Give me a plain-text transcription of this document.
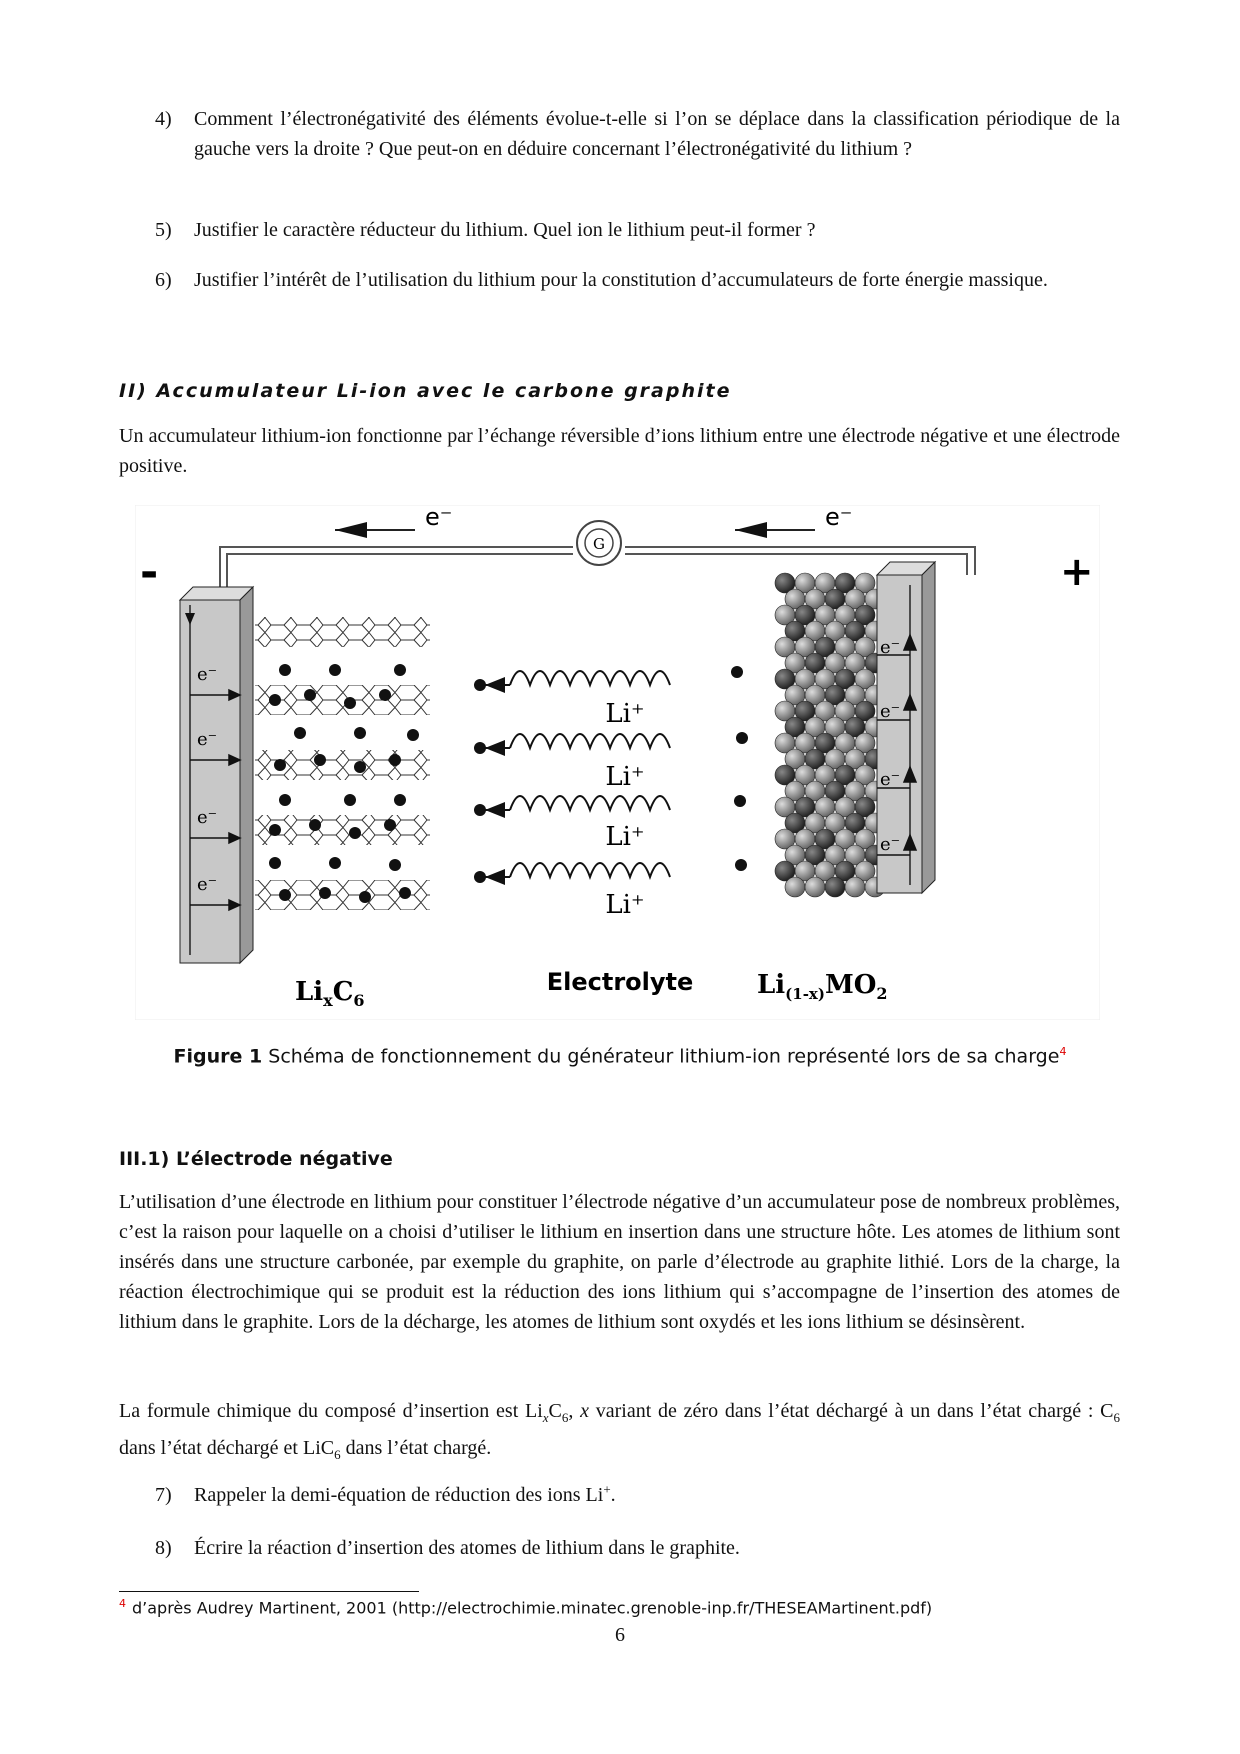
4)	Comment l’électronégativité des éléments évolue-t-elle si l’on se déplace dans la classification périodique de la gauche vers la droite ? Que peut-on en déduire concernant l’électronégativité du lithium ?
5)	Justifier le caractère réducteur du lithium. Quel ion le lithium peut-il former ?
6)	Justifier l’intérêt de l’utilisation du lithium pour la constitution d’accumulateurs de forte énergie massique.
II) Accumulateur Li-ion avec le carbone graphite
Un accumulateur lithium-ion fonctionne par l’échange réversible d’ions lithium entre une électrode négative et une électrode positive.
G
e⁻	e⁻
-	+
e⁻
e⁻
e⁻
e⁻
Li⁺
Li⁺
Li⁺
Li⁺
e⁻
e⁻
e⁻
e⁻
$Li_xC_6$
Electrolyte $Li_{(1-x)}MO_2$
Figure 1 Schéma de fonctionnement du générateur lithium-ion représenté lors de sa charge$^4$
III.1) L’électrode négative
L’utilisation d’une électrode en lithium pour constituer l’électrode négative d’un accumulateur pose de nombreux problèmes, c’est la raison pour laquelle on a choisi d’utiliser le lithium en insertion dans une structure hôte. Les atomes de lithium sont insérés dans une structure carbonée, par exemple du graphite, on parle d’électrode au graphite lithié. Lors de la charge, la réaction électrochimique qui se produit est la réduction des ions lithium qui s’accompagne de l’insertion des atomes de lithium dans le graphite. Lors de la décharge, les atomes de lithium sont oxydés et les ions lithium se désinsèrent.
La formule chimique du composé d’insertion est $Li_xC_6$, x variant de zéro dans l’état déchargé à un dans l’état chargé : $C_6$ dans l’état déchargé et LiC$_6$ dans l’état chargé.
7)	Rappeler la demi-équation de réduction des ions Li+.
8)	Écrire la réaction d’insertion des atomes de lithium dans le graphite.
$^4$ d’après Audrey Martinent, 2001 (http://electrochimie.minatec.grenoble-inp.fr/THESEAMartinent.pdf)
6
